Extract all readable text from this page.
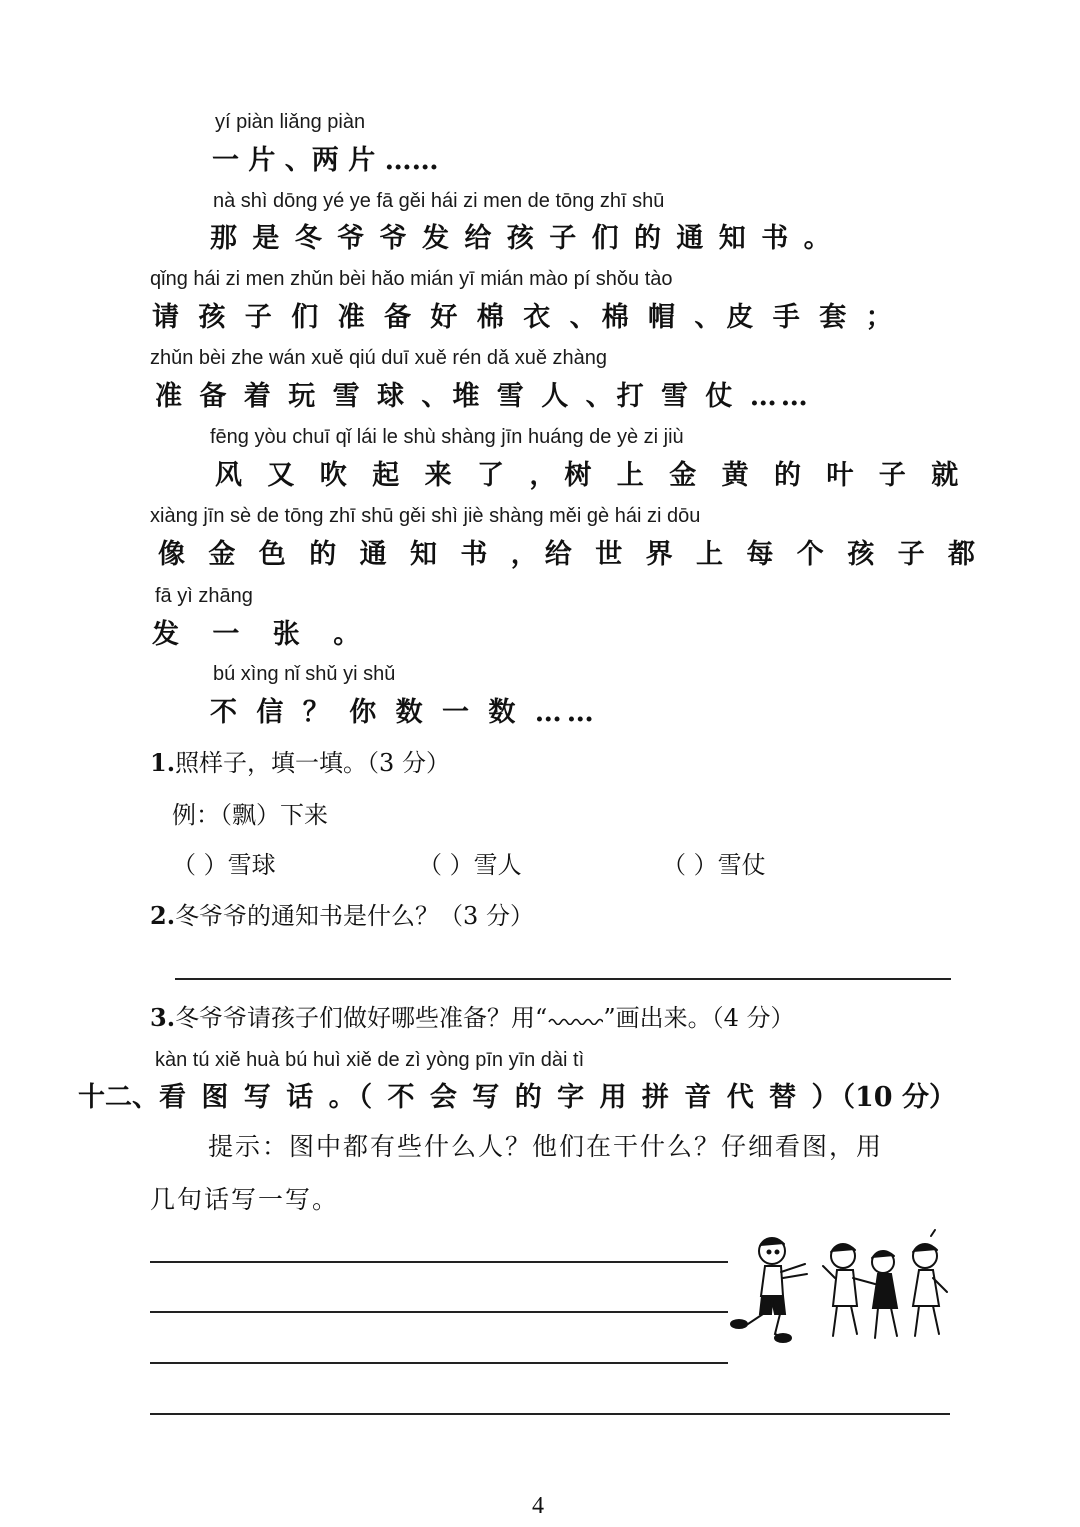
yí piàn liǎng piàn
一 片 、两 片 ……
nà shì dōng yé ye fā gěi hái zi men de tōng zhī shū
那 是 冬 爷 爷 发 给 孩 子 们 的 通 知 书 。
qǐng hái zi men zhǔn bèi hǎo mián yī mián mào pí shǒu tào
请 孩 子 们 准 备 好 棉 衣 、棉 帽 、皮 手 套 ；
zhǔn bèi zhe wán xuě qiú duī xuě rén dǎ xuě zhàng
准 备 着 玩 雪 球 、堆 雪 人 、打 雪 仗 ……
fēng yòu chuī qǐ lái le shù shàng jīn huáng de yè zi jiù
风 又 吹 起 来 了 ，树 上 金 黄 的 叶 子 就
xiàng jīn sè de tōng zhī shū gěi shì jiè shàng měi gè hái zi dōu
像 金 色 的 通 知 书 ，给 世 界 上 每 个 孩 子 都
fā yì zhāng
发 一 张 。
bú xìng nǐ shǔ yi shǔ
不 信 ？ 你 数 一 数 ……
1.照样子，填一填。（3 分）
例：（飘）下来
（ ）雪球	（ ）雪人	（ ）雪仗
2.冬爷爷的通知书是什么？（3 分）
3.冬爷爷请孩子们做好哪些准备？用“ ”画出来。（4 分）
kàn tú xiě huà bú huì xiě de zì yòng pīn yīn dài tì
十二、看 图 写 话 。（ 不 会 写 的 字 用 拼 音 代 替 ）（10 分）
提示：图中都有些什么人？他们在干什么？仔细看图，用
几句话写一写。
4
